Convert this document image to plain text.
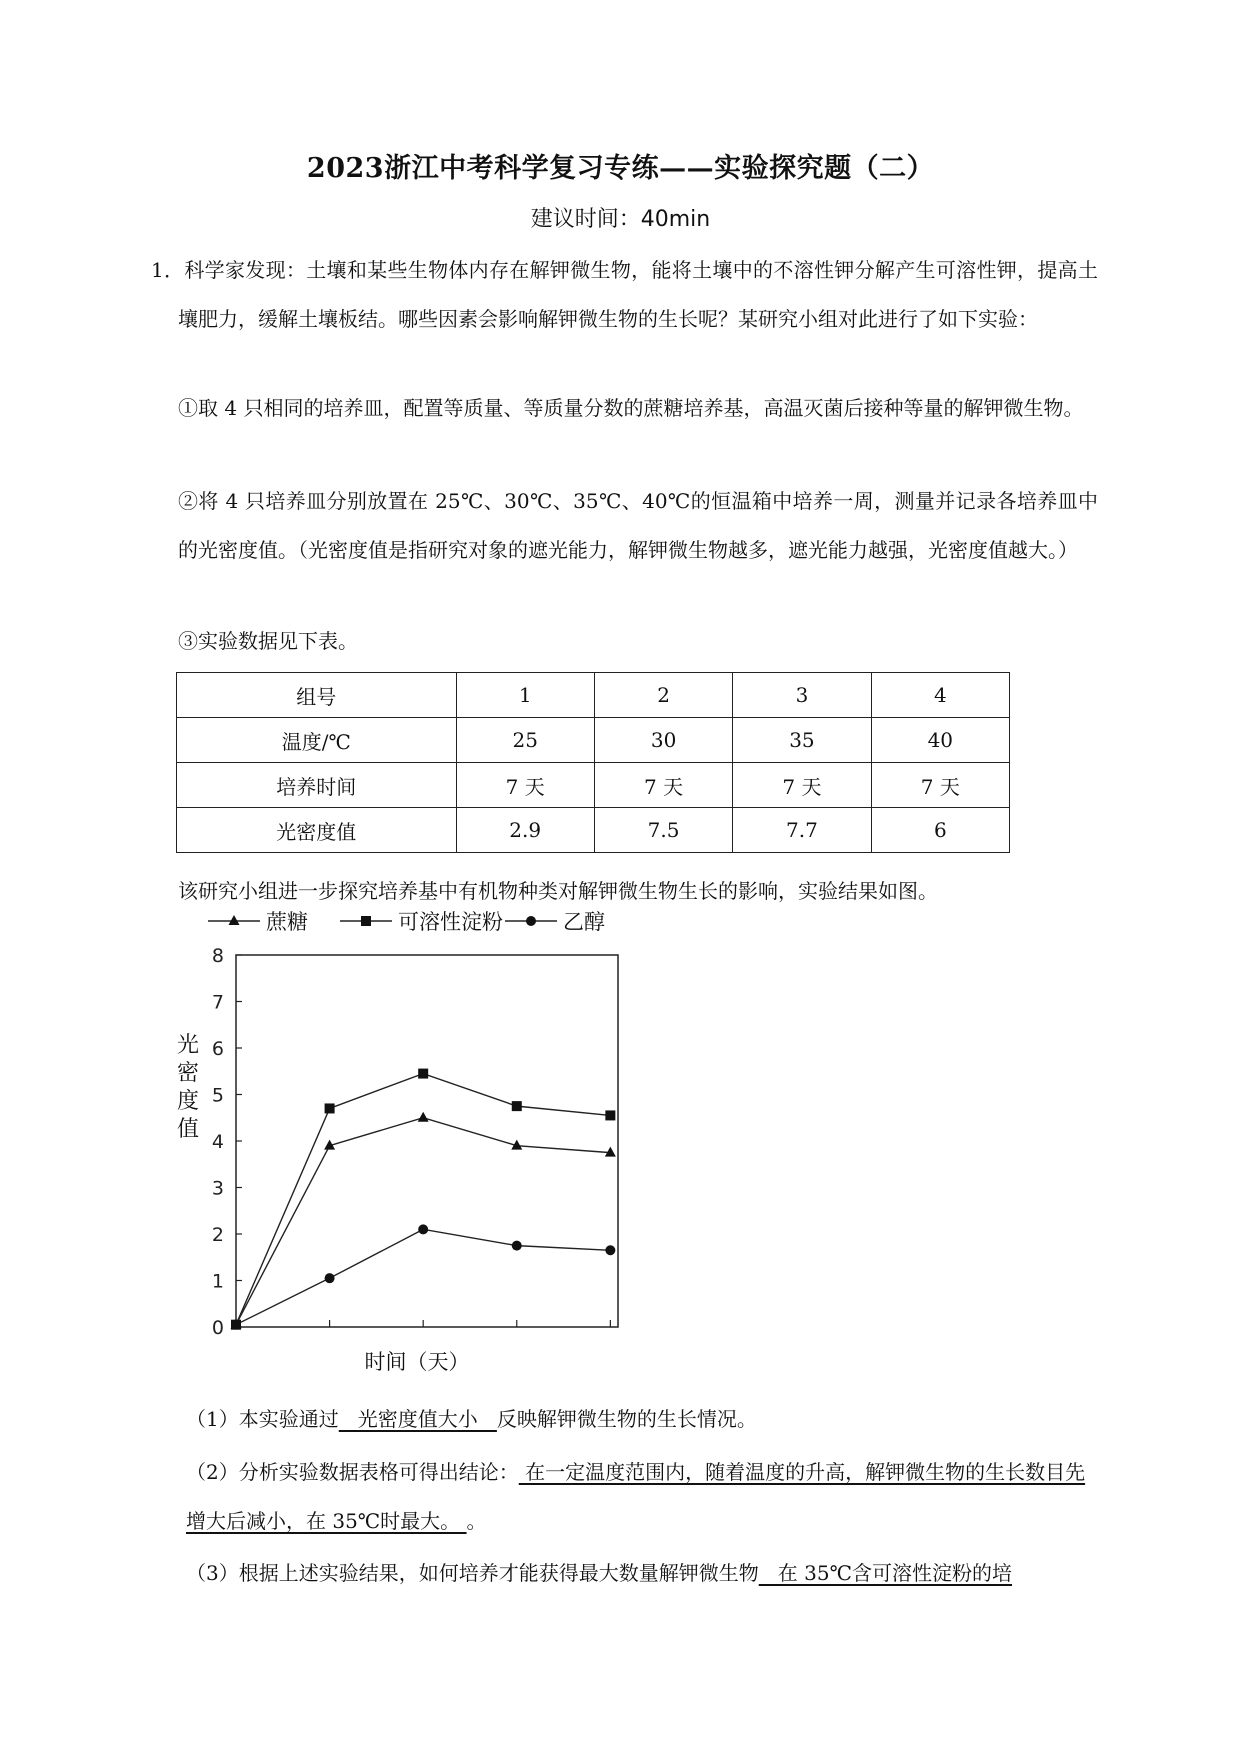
2023浙江中考科学复习专练——实验探究题（二）
建议时间：40min
1．科学家发现：土壤和某些生物体内存在解钾微生物，能将土壤中的不溶性钾分解产生可溶性钾，提高土壤肥力，缓解土壤板结。哪些因素会影响解钾微生物的生长呢？某研究小组对此进行了如下实验：
①取 4 只相同的培养皿，配置等质量、等质量分数的蔗糖培养基，高温灭菌后接种等量的解钾微生物。
②将 4 只培养皿分别放置在 25℃、30℃、35℃、40℃的恒温箱中培养一周，测量并记录各培养皿中的光密度值。（光密度值是指研究对象的遮光能力，解钾微生物越多，遮光能力越强，光密度值越大。）
③实验数据见下表。
组号	1	2	3	4
温度/℃	25	30	35	40
培养时间	7 天	7 天	7 天	7 天
光密度值	2.9	7.5	7.7	6
该研究小组进一步探究培养基中有机物种类对解钾微生物生长的影响，实验结果如图。
0
1
2
3
4
5
6
7
8
光
密
度
值
时间（天）
蔗糖	可溶性淀粉	乙醇
（1）本实验通过   光密度值大小   反映解钾微生物的生长情况。
（2）分析实验数据表格可得出结论： 在一定温度范围内，随着温度的升高，解钾微生物的生长数目先增大后减小，在 35℃时最大。 。
（3）根据上述实验结果，如何培养才能获得最大数量解钾微生物   在 35℃含可溶性淀粉的培
